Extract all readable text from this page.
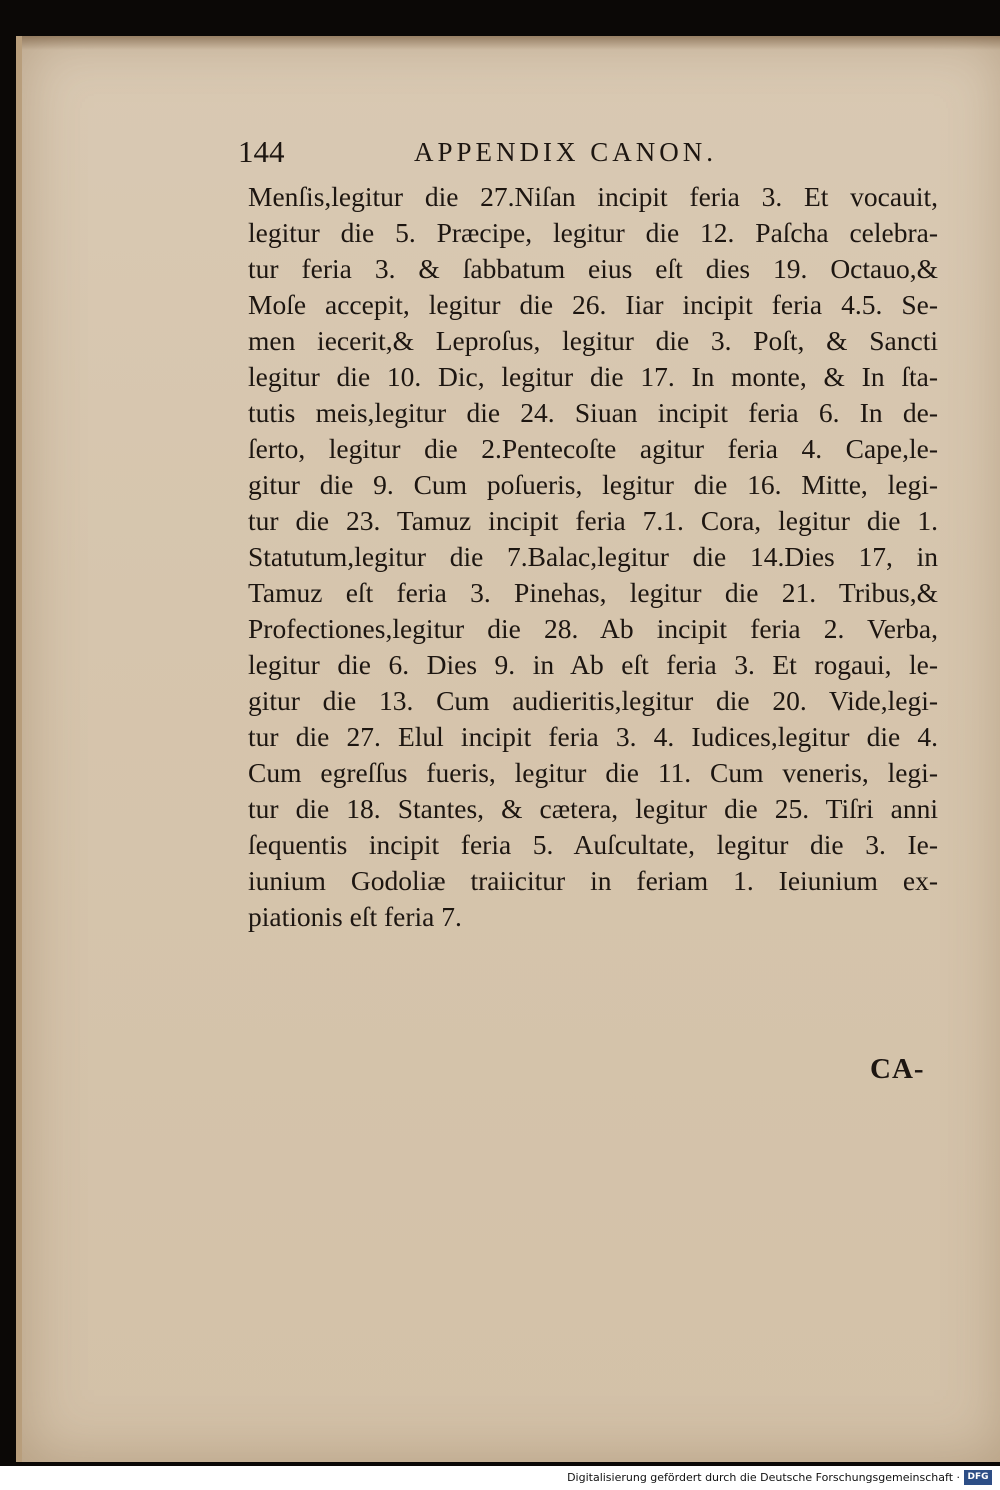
144	APPENDIX CANON.
Menſis,legitur die 27.Niſan incipit feria 3. Et vocauit,
legitur die 5. Præcipe, legitur die 12. Paſcha celebra-
tur feria 3. & ſabbatum eius eſt dies 19. Octauo,&
Moſe accepit, legitur die 26. Iiar incipit feria 4.5. Se-
men iecerit,& Leproſus, legitur die 3. Poſt, & Sancti
legitur die 10. Dic, legitur die 17. In monte, & In ſta-
tutis meis,legitur die 24. Siuan incipit feria 6. In de-
ſerto, legitur die 2.Pentecoſte agitur feria 4. Cape,le-
gitur die 9. Cum poſueris, legitur die 16. Mitte, legi-
tur die 23. Tamuz incipit feria 7.1. Cora, legitur die 1.
Statutum,legitur die 7.Balac,legitur die 14.Dies 17, in
Tamuz eſt feria 3. Pinehas, legitur die 21. Tribus,&
Profectiones,legitur die 28. Ab incipit feria 2. Verba,
legitur die 6. Dies 9. in Ab eſt feria 3. Et rogaui, le-
gitur die 13. Cum audieritis,legitur die 20. Vide,legi-
tur die 27. Elul incipit feria 3. 4. Iudices,legitur die 4.
Cum egreſſus fueris, legitur die 11. Cum veneris, legi-
tur die 18. Stantes, & cætera, legitur die 25. Tiſri anni
ſequentis incipit feria 5. Auſcultate, legitur die 3. Ie-
iunium Godoliæ traiicitur in feriam 1. Ieiunium ex-
piationis eſt feria 7.
CA-
Digitalisierung gefördert durch die Deutsche Forschungsgemeinschaft · DFG
